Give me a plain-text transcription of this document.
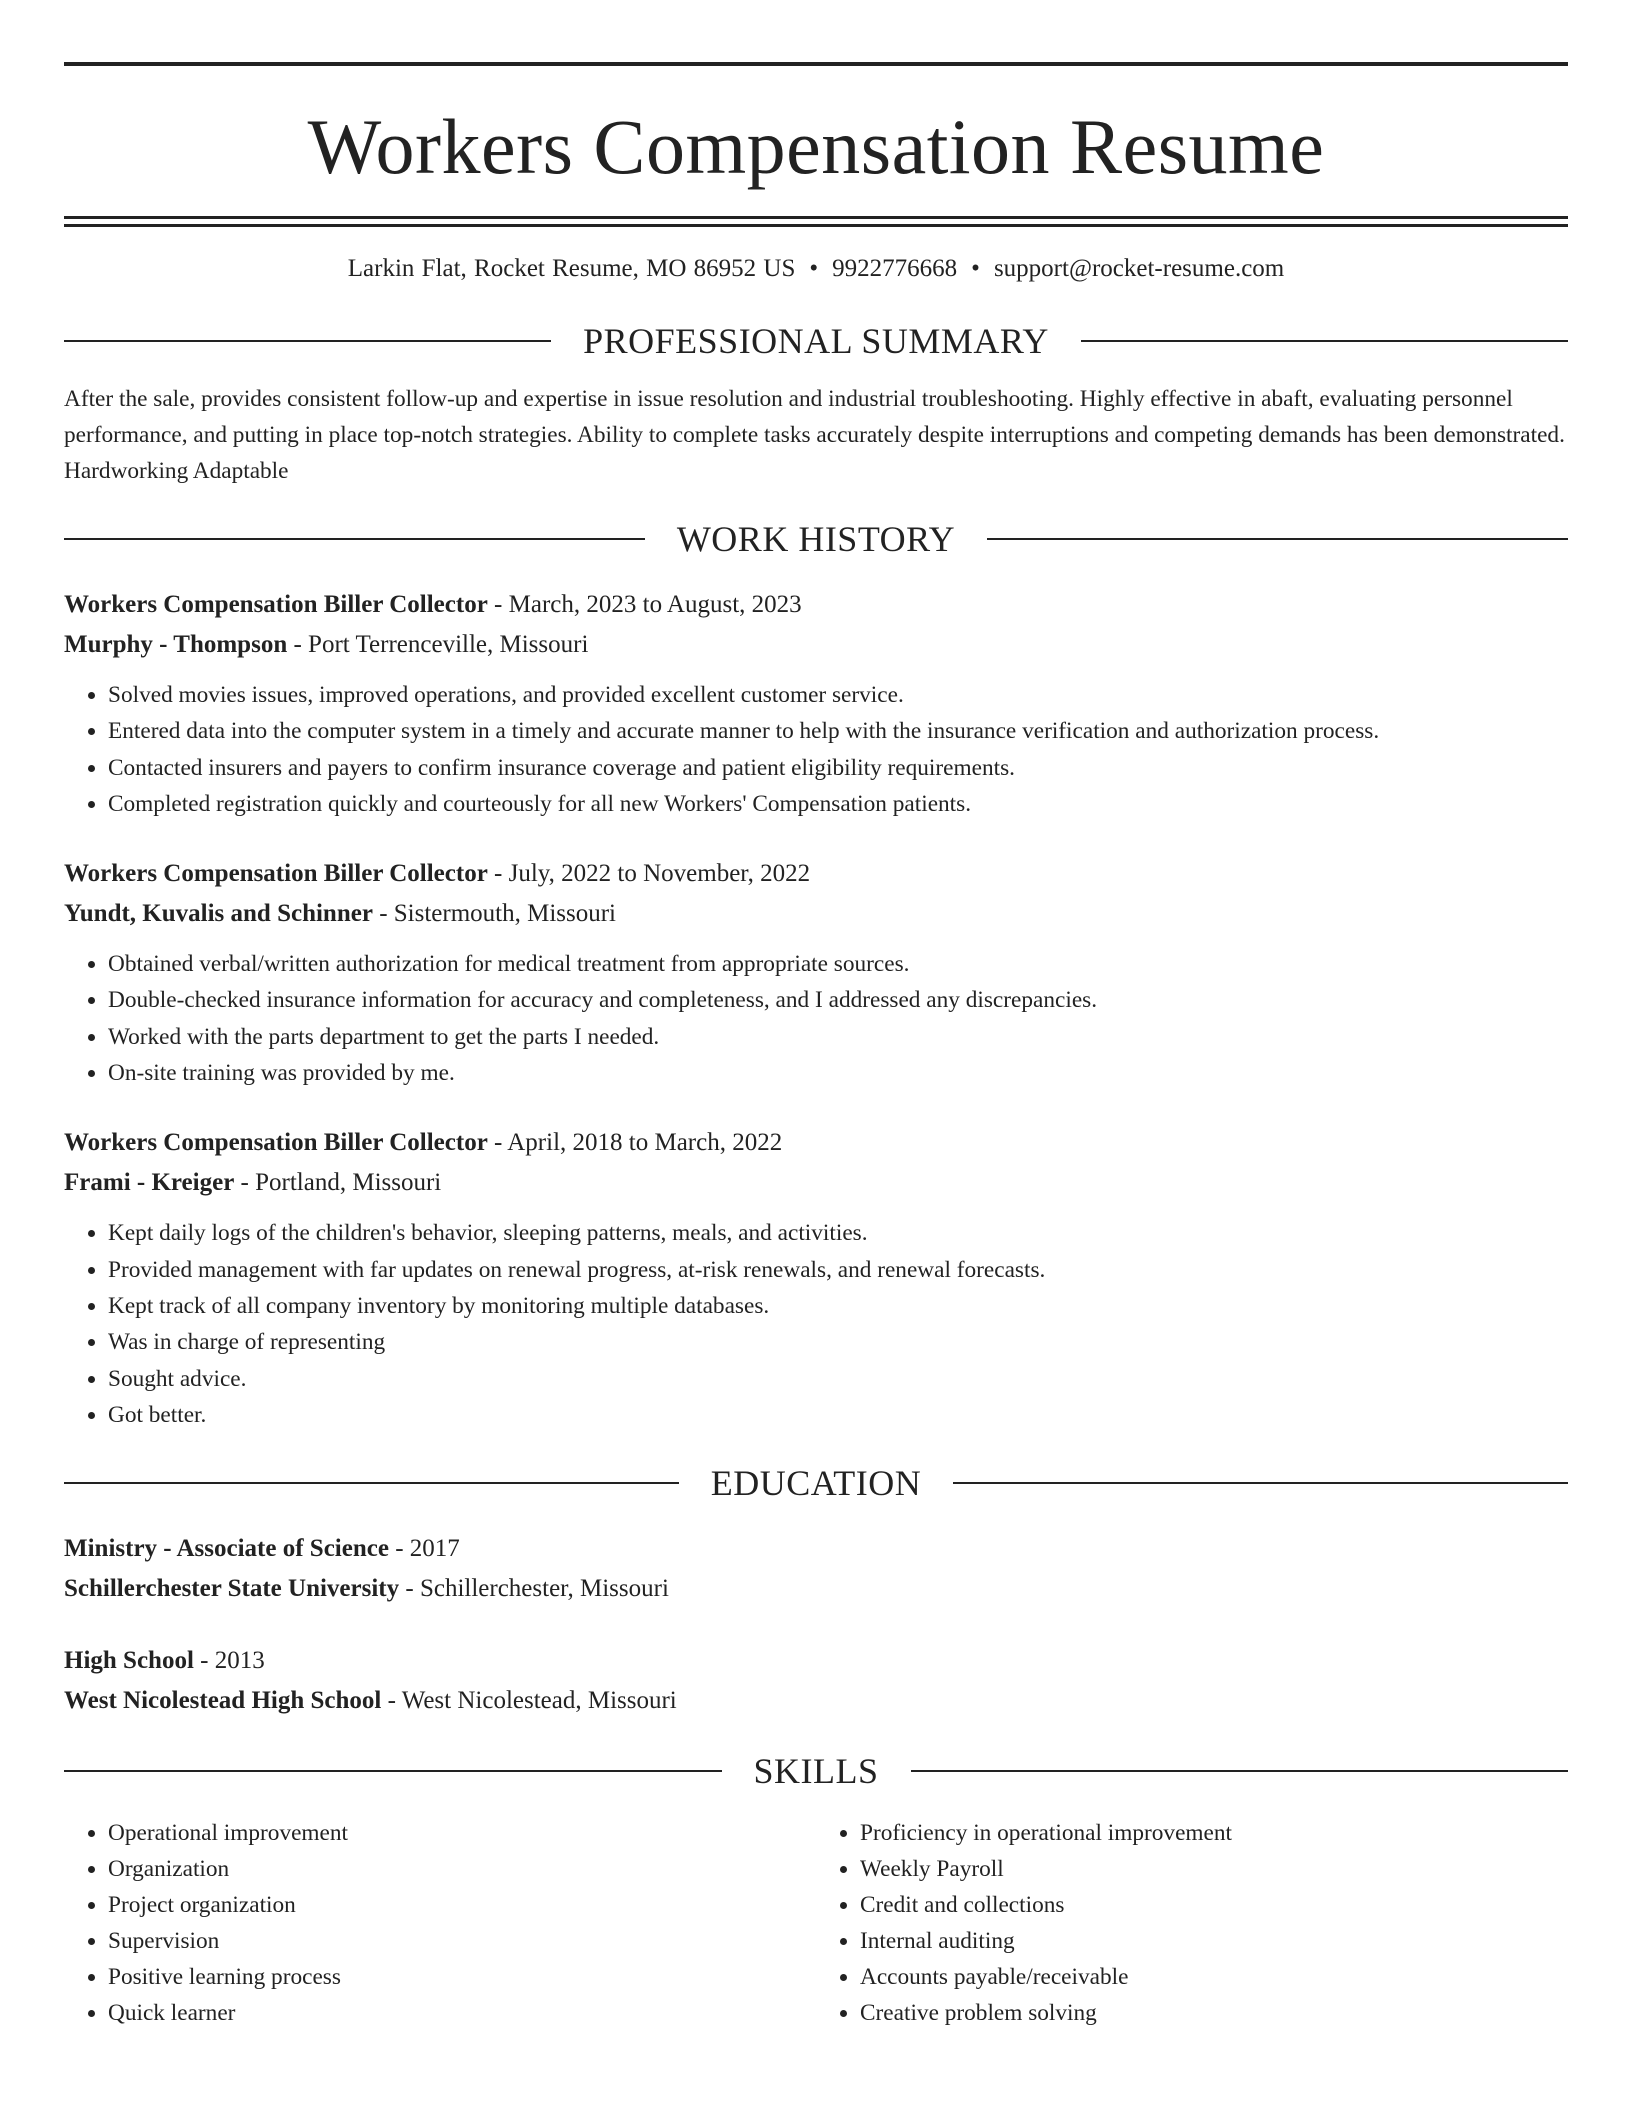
Workers Compensation Resume
Larkin Flat, Rocket Resume, MO 86952 US • 9922776668 • support@rocket-resume.com
PROFESSIONAL SUMMARY
After the sale, provides consistent follow-up and expertise in issue resolution and industrial troubleshooting. Highly effective in abaft, evaluating personnel performance, and putting in place top-notch strategies. Ability to complete tasks accurately despite interruptions and competing demands has been demonstrated. Hardworking Adaptable
WORK HISTORY
Workers Compensation Biller Collector - March, 2023 to August, 2023
Murphy - Thompson - Port Terrenceville, Missouri
• Solved movies issues, improved operations, and provided excellent customer service.
• Entered data into the computer system in a timely and accurate manner to help with the insurance verification and authorization process.
• Contacted insurers and payers to confirm insurance coverage and patient eligibility requirements.
• Completed registration quickly and courteously for all new Workers' Compensation patients.
Workers Compensation Biller Collector - July, 2022 to November, 2022
Yundt, Kuvalis and Schinner - Sistermouth, Missouri
• Obtained verbal/written authorization for medical treatment from appropriate sources.
• Double-checked insurance information for accuracy and completeness, and I addressed any discrepancies.
• Worked with the parts department to get the parts I needed.
• On-site training was provided by me.
Workers Compensation Biller Collector - April, 2018 to March, 2022
Frami - Kreiger - Portland, Missouri
• Kept daily logs of the children's behavior, sleeping patterns, meals, and activities.
• Provided management with far updates on renewal progress, at-risk renewals, and renewal forecasts.
• Kept track of all company inventory by monitoring multiple databases.
• Was in charge of representing
• Sought advice.
• Got better.
EDUCATION
Ministry - Associate of Science - 2017
Schillerchester State University - Schillerchester, Missouri
High School - 2013
West Nicolestead High School - West Nicolestead, Missouri
SKILLS
• Operational improvement
• Organization
• Project organization
• Supervision
• Positive learning process
• Quick learner
• Proficiency in operational improvement
• Weekly Payroll
• Credit and collections
• Internal auditing
• Accounts payable/receivable
• Creative problem solving
